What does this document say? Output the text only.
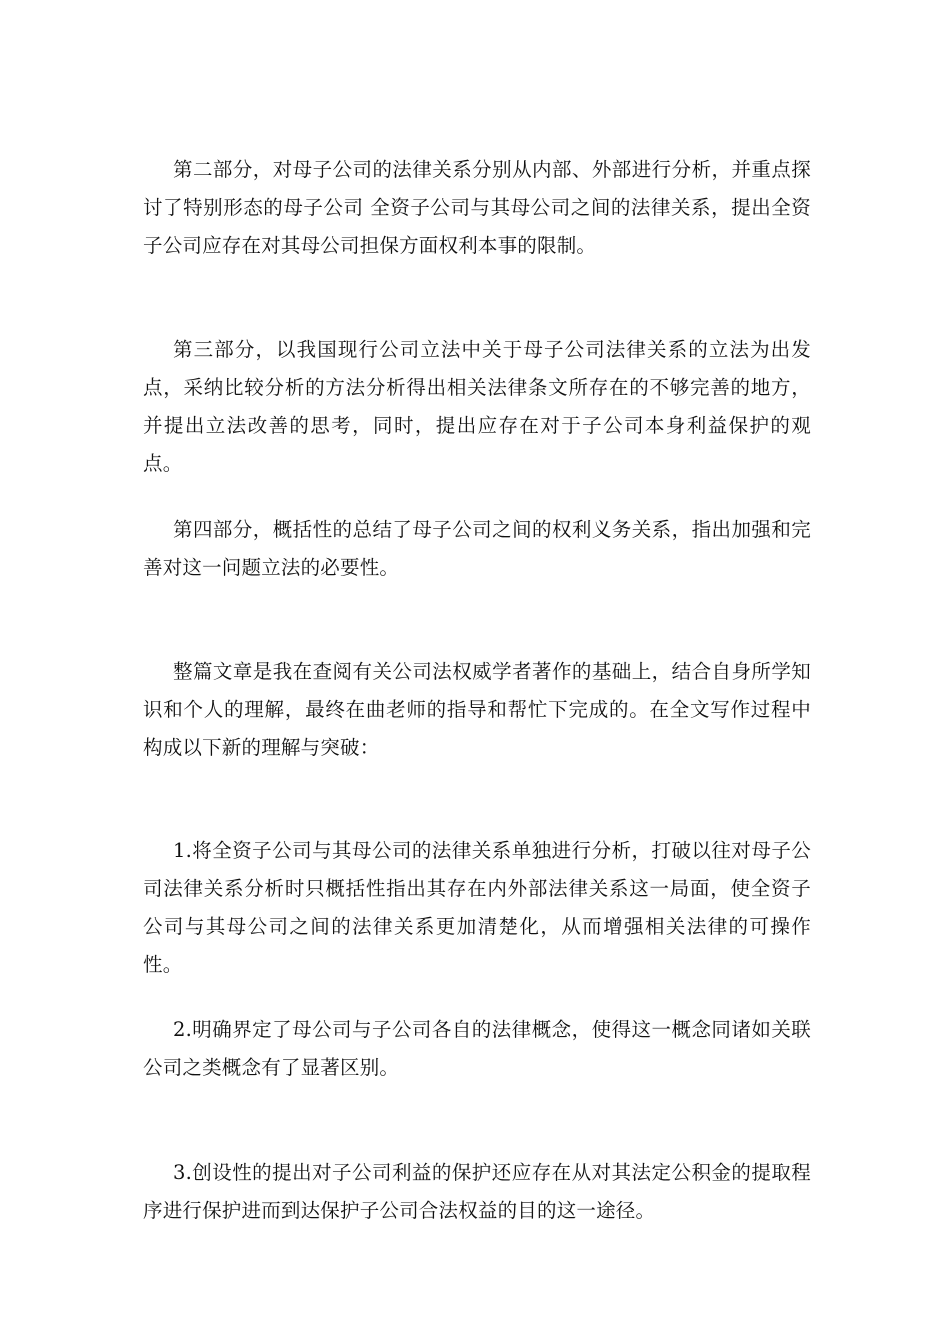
第二部分，对母子公司的法律关系分别从内部、外部进行分析，并重点探讨了特别形态的母子公司 全资子公司与其母公司之间的法律关系，提出全资子公司应存在对其母公司担保方面权利本事的限制。

第三部分，以我国现行公司立法中关于母子公司法律关系的立法为出发点，采纳比较分析的方法分析得出相关法律条文所存在的不够完善的地方，并提出立法改善的思考，同时，提出应存在对于子公司本身利益保护的观点。

第四部分，概括性的总结了母子公司之间的权利义务关系，指出加强和完善对这一问题立法的必要性。

整篇文章是我在查阅有关公司法权威学者著作的基础上，结合自身所学知识和个人的理解，最终在曲老师的指导和帮忙下完成的。在全文写作过程中构成以下新的理解与突破：

1.将全资子公司与其母公司的法律关系单独进行分析，打破以往对母子公司法律关系分析时只概括性指出其存在内外部法律关系这一局面，使全资子公司与其母公司之间的法律关系更加清楚化，从而增强相关法律的可操作性。

2.明确界定了母公司与子公司各自的法律概念，使得这一概念同诸如关联公司之类概念有了显著区别。

3.创设性的提出对子公司利益的保护还应存在从对其法定公积金的提取程序进行保护进而到达保护子公司合法权益的目的这一途径。
